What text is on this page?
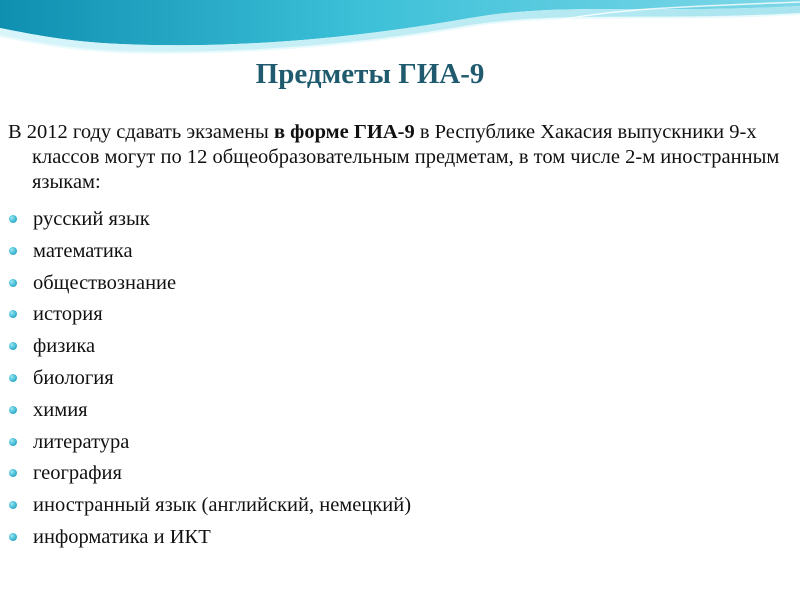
Предметы ГИА-9

В 2012 году сдавать экзамены в форме ГИА-9 в Республике Хакасия выпускники 9-х классов могут по 12 общеобразовательным предметам, в том числе 2-м иностранным языкам:

русский язык
математика
обществознание
история
физика
биология
химия
литература
география
иностранный язык (английский, немецкий)
информатика и ИКТ
